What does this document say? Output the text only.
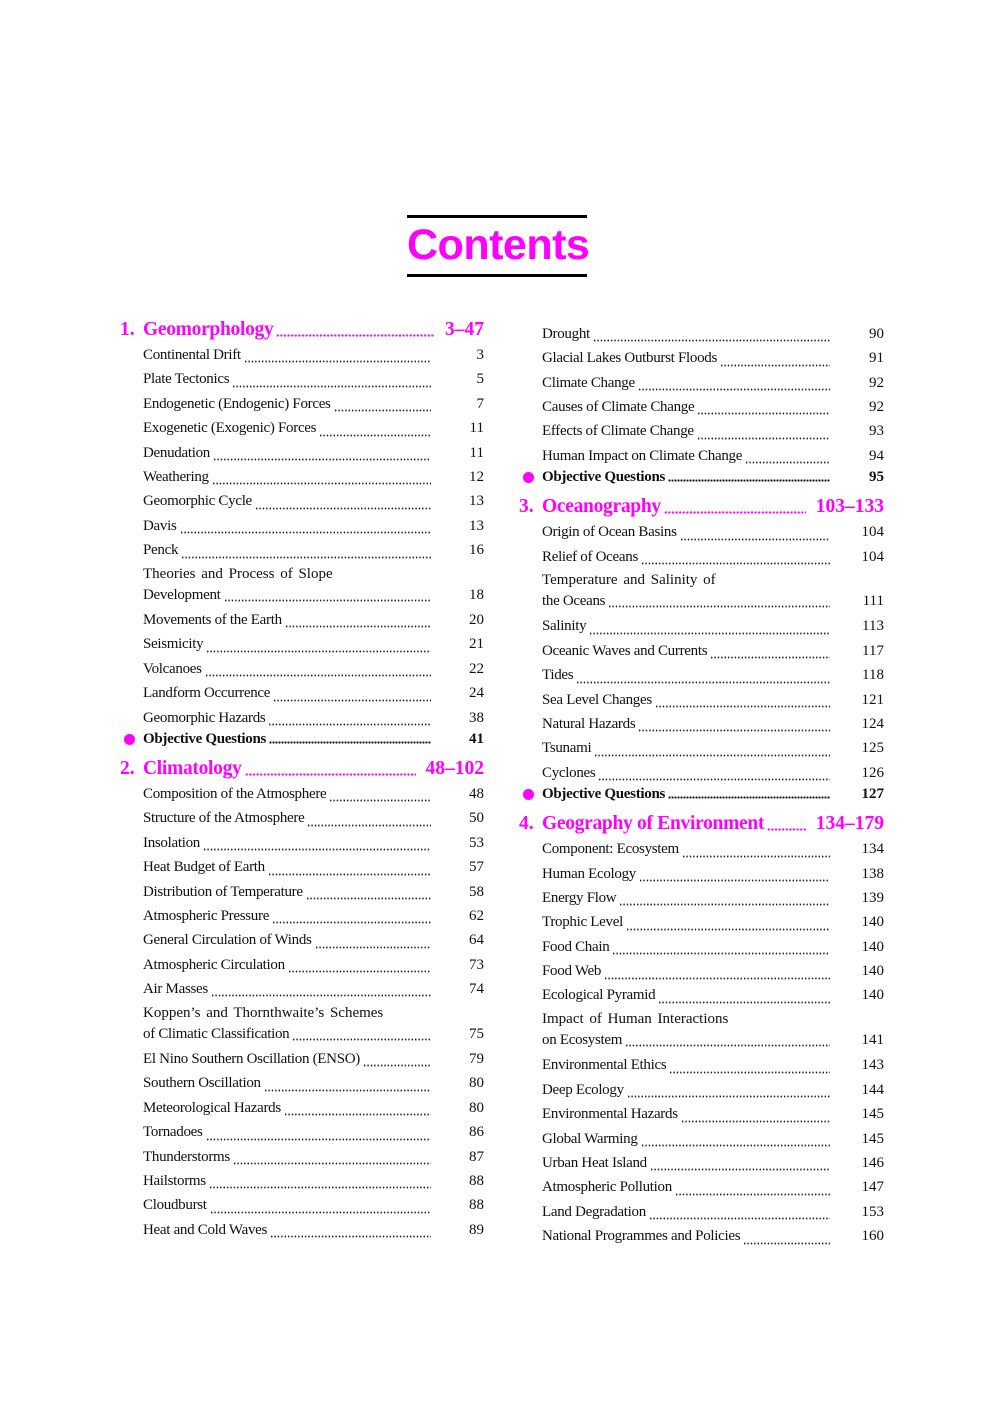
Contents
1. Geomorphology	3–47
Continental Drift	3
Plate Tectonics	5
Endogenetic (Endogenic) Forces	7
Exogenetic (Exogenic) Forces	11
Denudation	11
Weathering	12
Geomorphic Cycle	13
Davis	13
Penck	16
Theories and Process of Slope
Development	18
Movements of the Earth	20
Seismicity	21
Volcanoes	22
Landform Occurrence	24
Geomorphic Hazards	38
Objective Questions	41
2. Climatology	48–102
Composition of the Atmosphere	48
Structure of the Atmosphere	50
Insolation	53
Heat Budget of Earth	57
Distribution of Temperature	58
Atmospheric Pressure	62
General Circulation of Winds	64
Atmospheric Circulation	73
Air Masses	74
Koppen’s and Thornthwaite’s Schemes
of Climatic Classification	75
El Nino Southern Oscillation (ENSO)	79
Southern Oscillation	80
Meteorological Hazards	80
Tornadoes	86
Thunderstorms	87
Hailstorms	88
Cloudburst	88
Heat and Cold Waves	89
Drought	90
Glacial Lakes Outburst Floods	91
Climate Change	92
Causes of Climate Change	92
Effects of Climate Change	93
Human Impact on Climate Change	94
Objective Questions	95
3. Oceanography	103–133
Origin of Ocean Basins	104
Relief of Oceans	104
Temperature and Salinity of
the Oceans	111
Salinity	113
Oceanic Waves and Currents	117
Tides	118
Sea Level Changes	121
Natural Hazards	124
Tsunami	125
Cyclones	126
Objective Questions	127
4. Geography of Environment	134–179
Component: Ecosystem	134
Human Ecology	138
Energy Flow	139
Trophic Level	140
Food Chain	140
Food Web	140
Ecological Pyramid	140
Impact of Human Interactions
on Ecosystem	141
Environmental Ethics	143
Deep Ecology	144
Environmental Hazards	145
Global Warming	145
Urban Heat Island	146
Atmospheric Pollution	147
Land Degradation	153
National Programmes and Policies	160
